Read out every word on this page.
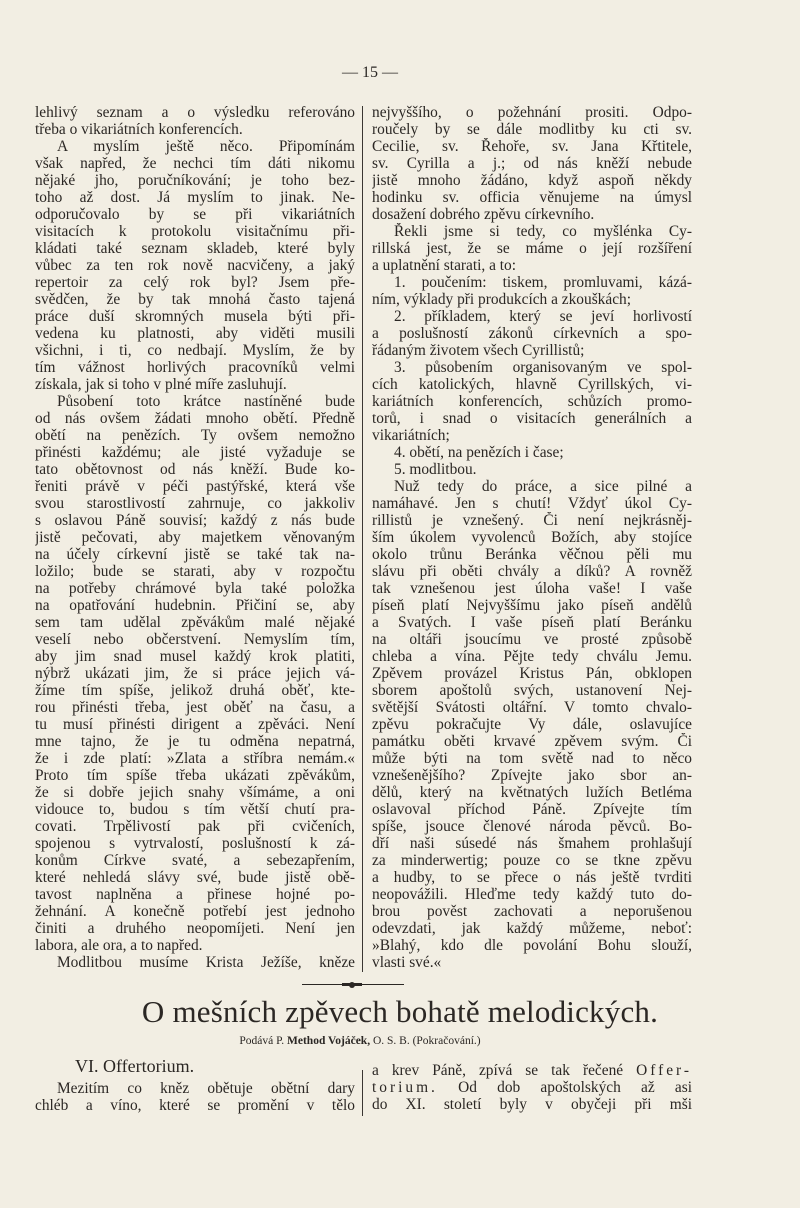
— 15 —
lehlivý seznam a o výsledku referováno
třeba o vikariátních konferencích.
A myslím ještě něco. Připomínám
však napřed, že nechci tím dáti nikomu
nějaké jho, poručníkování; je toho bez-
toho až dost. Já myslím to jinak. Ne-
odporučovalo by se při vikariátních
visitacích k protokolu visitačnímu při-
kládati také seznam skladeb, které byly
vůbec za ten rok nově nacvičeny, a jaký
repertoir za celý rok byl? Jsem pře-
svědčen, že by tak mnohá často tajená
práce duší skromných musela býti při-
vedena ku platnosti, aby viděti musili
všichni, i ti, co nedbají. Myslím, že by
tím vážnost horlivých pracovníků velmi
získala, jak si toho v plné míře zasluhují.
Působení toto krátce nastíněné bude
od nás ovšem žádati mnoho obětí. Předně
obětí na penězích. Ty ovšem nemožno
přinésti každému; ale jisté vyžaduje se
tato obětovnost od nás kněží. Bude ko-
řeniti právě v péči pastýřské, která vše
svou starostlivostí zahrnuje, co jakkoliv
s oslavou Páně souvisí; každý z nás bude
jistě pečovati, aby majetkem věnovaným
na účely církevní jistě se také tak na-
ložilo; bude se starati, aby v rozpočtu
na potřeby chrámové byla také položka
na opatřování hudebnin. Přičiní se, aby
sem tam udělal zpěvákům malé nějaké
veselí nebo občerstvení. Nemyslím tím,
aby jim snad musel každý krok platiti,
nýbrž ukázati jim, že si práce jejich vá-
žíme tím spíše, jelikož druhá oběť, kte-
rou přinésti třeba, jest oběť na času, a
tu musí přinésti dirigent a zpěváci. Není
mne tajno, že je tu odměna nepatrná,
že i zde platí: »Zlata a stříbra nemám.«
Proto tím spíše třeba ukázati zpěvákům,
že si dobře jejich snahy všímáme, a oni
vidouce to, budou s tím větší chutí pra-
covati. Trpělivostí pak při cvičeních,
spojenou s vytrvalostí, poslušností k zá-
konům Církve svaté, a sebezapřením,
které nehledá slávy své, bude jistě obě-
tavost naplněna a přinese hojné po-
žehnání. A konečně potřebí jest jednoho
činiti a druhého neopomíjeti. Není jen
labora, ale ora, a to napřed.
Modlitbou musíme Krista Ježíše, kněze
nejvyššího, o požehnání prositi. Odpo-
roučely by se dále modlitby ku cti sv.
Cecilie, sv. Řehoře, sv. Jana Křtitele,
sv. Cyrilla a j.; od nás kněží nebude
jistě mnoho žádáno, když aspoň někdy
hodinku sv. officia věnujeme na úmysl
dosažení dobrého zpěvu církevního.
Řekli jsme si tedy, co myšlénka Cy-
rillská jest, že se máme o její rozšíření
a uplatnění starati, a to:
1. poučením: tiskem, promluvami, kázá-
ním, výklady při produkcích a zkouškách;
2. příkladem, který se jeví horlivostí
a poslušností zákonů církevních a spo-
řádaným životem všech Cyrillistů;
3. působením organisovaným ve spol-
cích katolických, hlavně Cyrillských, vi-
kariátních konferencích, schůzích promo-
torů, i snad o visitacích generálních a
vikariátních;
4. obětí, na penězích i čase;
5. modlitbou.
Nuž tedy do práce, a sice pilné a
namáhavé. Jen s chutí! Vždyť úkol Cy-
rillistů je vznešený. Či není nejkrásněj-
ším úkolem vyvolenců Božích, aby stojíce
okolo trůnu Beránka věčnou pěli mu
slávu při oběti chvály a díků? A rovněž
tak vznešenou jest úloha vaše! I vaše
píseň platí Nejvyššímu jako píseň andělů
a Svatých. I vaše píseň platí Beránku
na oltáři jsoucímu ve prosté způsobě
chleba a vína. Pějte tedy chválu Jemu.
Zpěvem provázel Kristus Pán, obklopen
sborem apoštolů svých, ustanovení Nej-
světější Svátosti oltářní. V tomto chvalo-
zpěvu pokračujte Vy dále, oslavujíce
památku oběti krvavé zpěvem svým. Či
může býti na tom světě nad to něco
vznešenějšího? Zpívejte jako sbor an-
dělů, který na květnatých lužích Betléma
oslavoval příchod Páně. Zpívejte tím
spíše, jsouce členové národa pěvců. Bo-
dří naši súsedé nás šmahem prohlašují
za minderwertig; pouze co se tkne zpěvu
a hudby, to se přece o nás ještě tvrditi
neopovážili. Hleďme tedy každý tuto do-
brou pověst zachovati a neporušenou
odevzdati, jak každý můžeme, neboť:
»Blahý, kdo dle povolání Bohu slouží,
vlasti své.«
O mešních zpěvech bohatě melodických.
Podává P. Method Vojáček, O. S. B. (Pokračování.)
VI. Offertorium.
Mezitím co kněz obětuje obětní dary
chléb a víno, které se promění v tělo
a krev Páně, zpívá se tak řečené Offer-
torium. Od dob apoštolských až asi
do XI. století byly v obyčeji při mši
